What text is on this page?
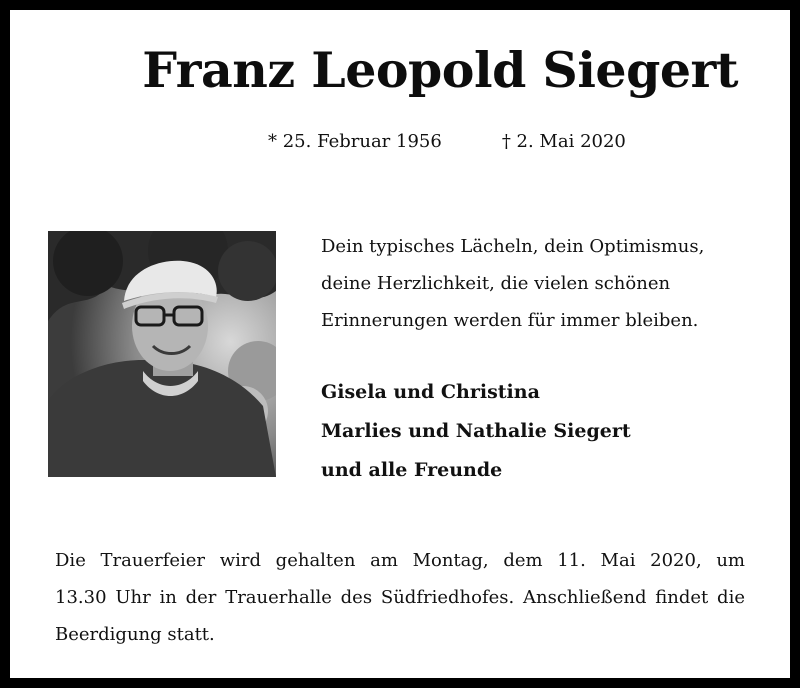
Franz Leopold Siegert
* 25. Februar 1956	† 2. Mai 2020
Dein typisches Lächeln, dein Optimismus,
deine Herzlichkeit, die vielen schönen
Erinnerungen werden für immer bleiben.
Gisela und Christina
Marlies und Nathalie Siegert
und alle Freunde
Die Trauerfeier wird gehalten am Montag, dem 11. Mai 2020, um
13.30 Uhr in der Trauerhalle des Südfriedhofes. Anschließend findet die
Beerdigung statt.
